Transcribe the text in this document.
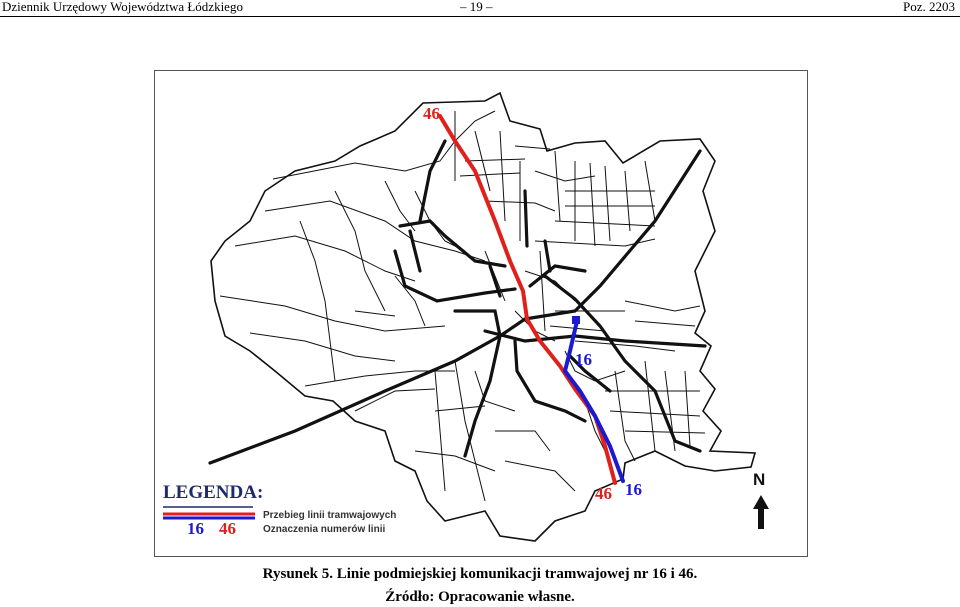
Dziennik Urzędowy Województwa Łódzkiego	– 19 –	Poz. 2203
46
16
46 16
N
LEGENDA:
Przebieg linii tramwajowych
16 46	Oznaczenia numerów linii
Rysunek 5. Linie podmiejskiej komunikacji tramwajowej nr 16 i 46.
Źródło: Opracowanie własne.
